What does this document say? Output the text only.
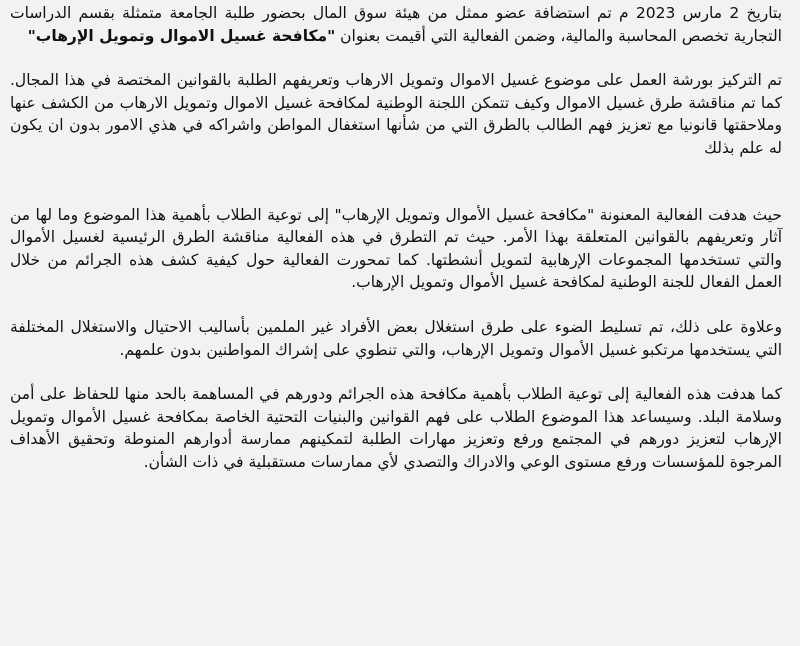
بتاريخ 2 مارس 2023 م تم استضافة عضو ممثل من هيئة سوق المال بحضور طلبة الجامعة متمثلة بقسم الدراسات التجارية تخصص المحاسبة والمالية، وضمن الفعالية التي أقيمت بعنوان "مكافحة غسيل الاموال وتمويل الإرهاب"

تم التركيز بورشة العمل على موضوع غسيل الاموال وتمويل الارهاب وتعريفهم الطلبة بالقوانين المختصة في هذا المجال. كما تم مناقشة طرق غسيل الاموال وكيف تتمكن اللجنة الوطنية لمكافحة غسيل الاموال وتمويل الارهاب من الكشف عنها وملاحقتها قانونيا مع تعزيز فهم الطالب بالطرق التي من شأنها استغفال المواطن واشراكه في هذي الامور بدون ان يكون له علم بذلك

حيث هدفت الفعالية المعنونة "مكافحة غسيل الأموال وتمويل الإرهاب" إلى توعية الطلاب بأهمية هذا الموضوع وما لها من آثار وتعريفهم بالقوانين المتعلقة بهذا الأمر. حيث تم التطرق في هذه الفعالية مناقشة الطرق الرئيسية لغسيل الأموال والتي تستخدمها المجموعات الإرهابية لتمويل أنشطتها. كما تمحورت الفعالية حول كيفية كشف هذه الجرائم من خلال العمل الفعال للجنة الوطنية لمكافحة غسيل الأموال وتمويل الإرهاب.

وعلاوة على ذلك، تم تسليط الضوء على طرق استغلال بعض الأفراد غير الملمين بأساليب الاحتيال والاستغلال المختلفة التي يستخدمها مرتكبو غسيل الأموال وتمويل الإرهاب، والتي تنطوي على إشراك المواطنين بدون علمهم.

كما هدفت هذه الفعالية إلى توعية الطلاب بأهمية مكافحة هذه الجرائم ودورهم في المساهمة بالحد منها للحفاظ على أمن وسلامة البلد. وسيساعد هذا الموضوع الطلاب على فهم القوانين والبنيات التحتية الخاصة بمكافحة غسيل الأموال وتمويل الإرهاب لتعزيز دورهم في المجتمع ورفع وتعزيز مهارات الطلبة لتمكينهم ممارسة أدوارهم المنوطة وتحقيق الأهداف المرجوة للمؤسسات ورفع مستوى الوعي والادراك والتصدي لأي ممارسات مستقبلية في ذات الشأن.
